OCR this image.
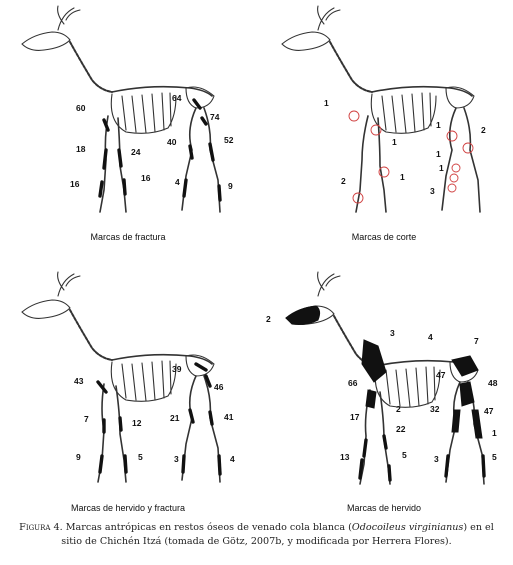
60
18	24
16
16
64
74
40	52
4	9
Marcas de fractura
1
1
1
2
1	2
1
1
3
Marcas de corte
43
39
46
7	12	21	41
9	5	3	4
Marcas de hervido y fractura
2
3	4	7
66
2
47
48
17
22
32	47
1
13	5	3	5
Marcas de hervido
Figura 4. Marcas antrópicas en restos óseos de venado cola blanca (Odocoileus virginianus) en el sitio de Chichén Itzá (tomada de Götz, 2007b, y modificada por Herrera Flores).
